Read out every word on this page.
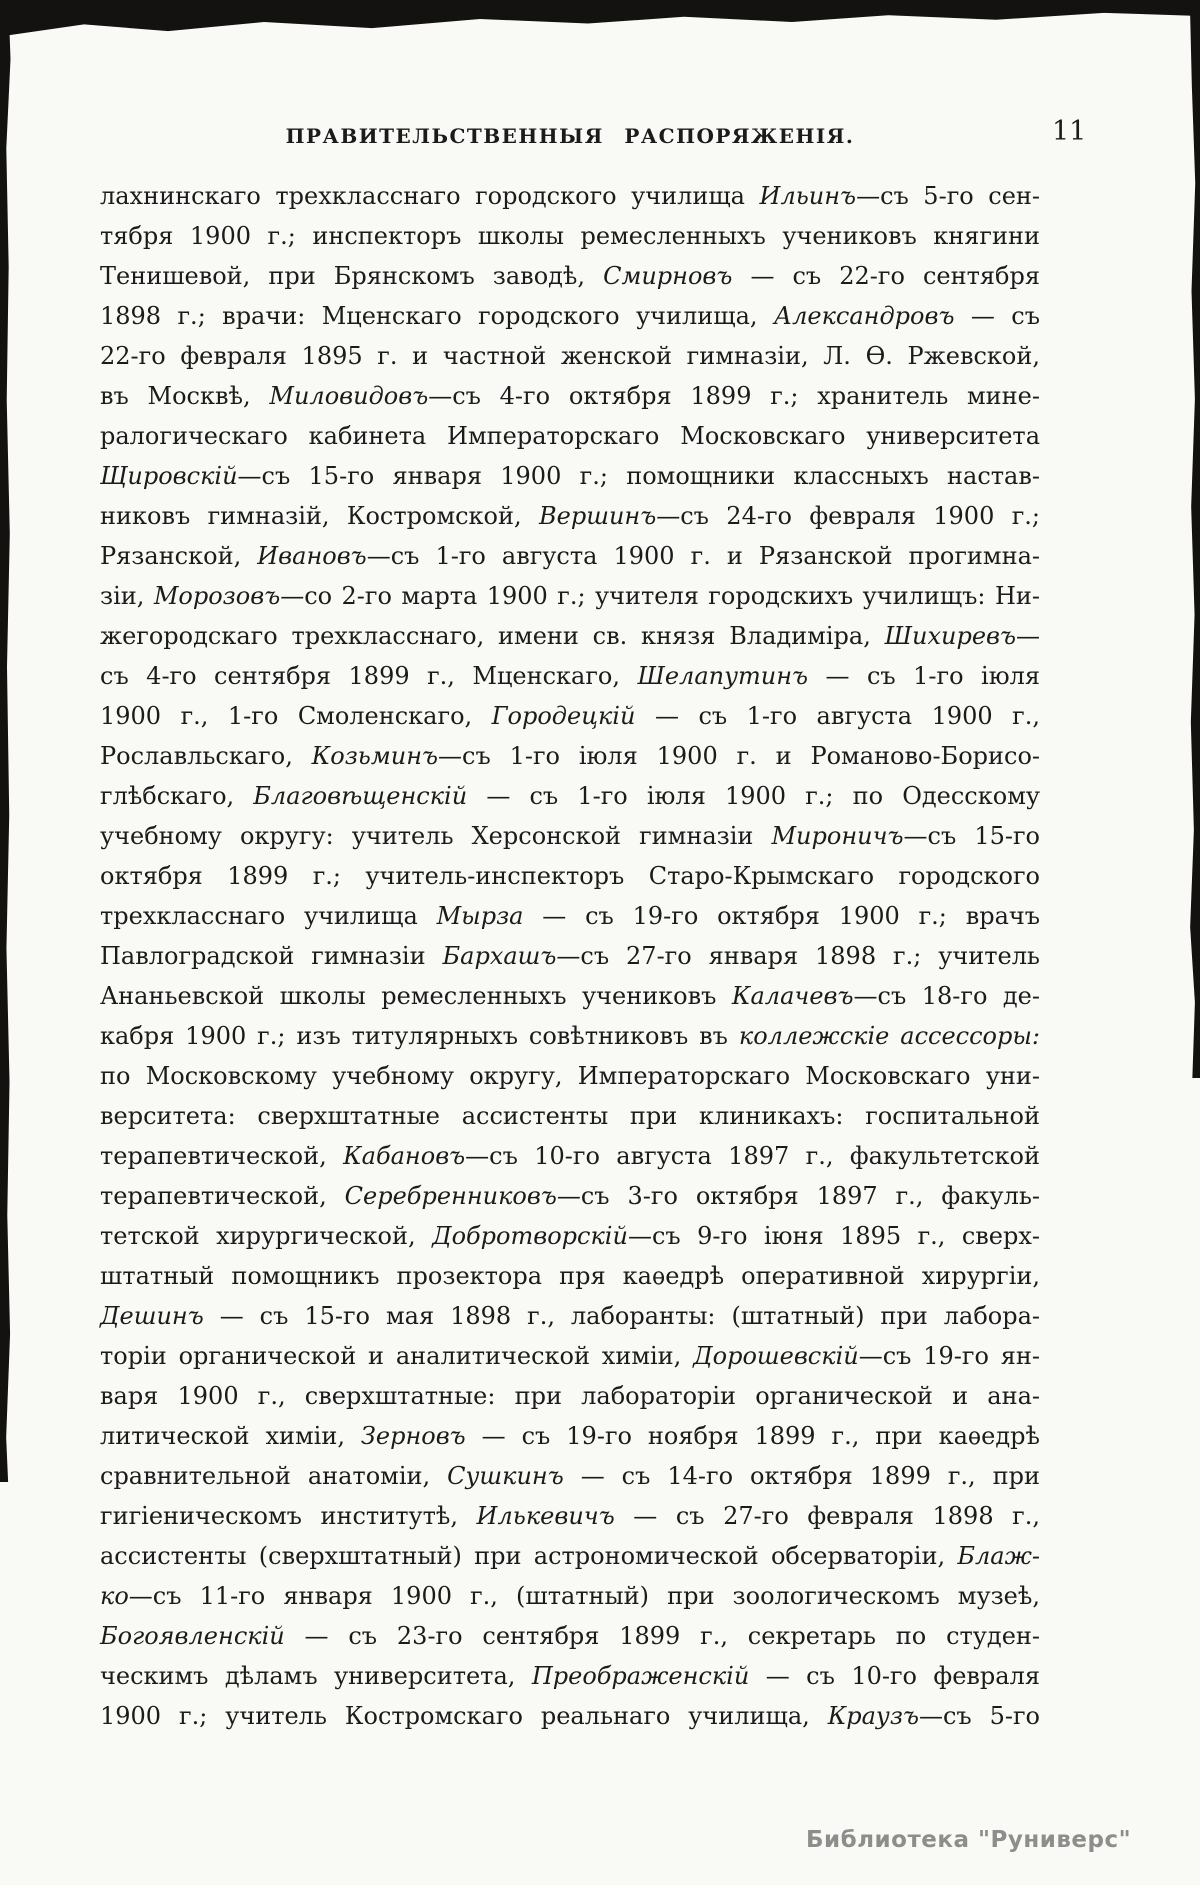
ПРАВИТЕЛЬСТВЕННЫЯ РАСПОРЯЖЕНІЯ.	11
лахнинскаго трехкласснаго городского училища Ильинъ—съ 5-го сен-
тября 1900 г.; инспекторъ школы ремесленныхъ учениковъ княгини
Тенишевой, при Брянскомъ заводѣ, Смирновъ — съ 22-го сентября
1898 г.; врачи: Мценскаго городского училища, Александровъ — съ
22-го февраля 1895 г. и частной женской гимназіи, Л. Ѳ. Ржевской,
въ Москвѣ, Миловидовъ—съ 4-го октября 1899 г.; хранитель мине-
ралогическаго кабинета Императорскаго Московскаго университета
Щировскій—съ 15-го января 1900 г.; помощники классныхъ настав-
никовъ гимназій, Костромской, Вершинъ—съ 24-го февраля 1900 г.;
Рязанской, Ивановъ—съ 1-го августа 1900 г. и Рязанской прогимна-
зіи, Морозовъ—со 2-го марта 1900 г.; учителя городскихъ училищъ: Ни-
жегородскаго трехкласснаго, имени св. князя Владиміра, Шихиревъ—
съ 4-го сентября 1899 г., Мценскаго, Шелапутинъ — съ 1-го іюля
1900 г., 1-го Смоленскаго, Городецкій — съ 1-го августа 1900 г.,
Рославльскаго, Козьминъ—съ 1-го іюля 1900 г. и Романово-Борисо-
глѣбскаго, Благовѣщенскій — съ 1-го іюля 1900 г.; по Одесскому
учебному округу: учитель Херсонской гимназіи Мироничъ—съ 15-го
октября 1899 г.; учитель-инспекторъ Старо-Крымскаго городского
трехкласснаго училища Мырза — съ 19-го октября 1900 г.; врачъ
Павлоградской гимназіи Бархашъ—съ 27-го января 1898 г.; учитель
Ананьевской школы ремесленныхъ учениковъ Калачевъ—съ 18-го де-
кабря 1900 г.; изъ титулярныхъ совѣтниковъ въ коллежскіе ассессоры:
по Московскому учебному округу, Императорскаго Московскаго уни-
верситета: сверхштатные ассистенты при клиникахъ: госпитальной
терапевтической, Кабановъ—съ 10-го августа 1897 г., факультетской
терапевтической, Серебренниковъ—съ 3-го октября 1897 г., факуль-
тетской хирургической, Добротворскій—съ 9-го іюня 1895 г., сверх-
штатный помощникъ прозектора пря каѳедрѣ оперативной хирургіи,
Дешинъ — съ 15-го мая 1898 г., лаборанты: (штатный) при лабора-
торіи органической и аналитической химіи, Дорошевскій—съ 19-го ян-
варя 1900 г., сверхштатные: при лабораторіи органической и ана-
литической химіи, Зерновъ — съ 19-го ноября 1899 г., при каѳедрѣ
сравнительной анатоміи, Сушкинъ — съ 14-го октября 1899 г., при
гигіеническомъ институтѣ, Илькевичъ — съ 27-го февраля 1898 г.,
ассистенты (сверхштатный) при астрономической обсерваторіи, Блаж-
ко—съ 11-го января 1900 г., (штатный) при зоологическомъ музеѣ,
Богоявленскій — съ 23-го сентября 1899 г., секретарь по студен-
ческимъ дѣламъ университета, Преображенскій — съ 10-го февраля
1900 г.; учитель Костромскаго реальнаго училища, Краузъ—съ 5-го
Библиотека "Руниверс"
